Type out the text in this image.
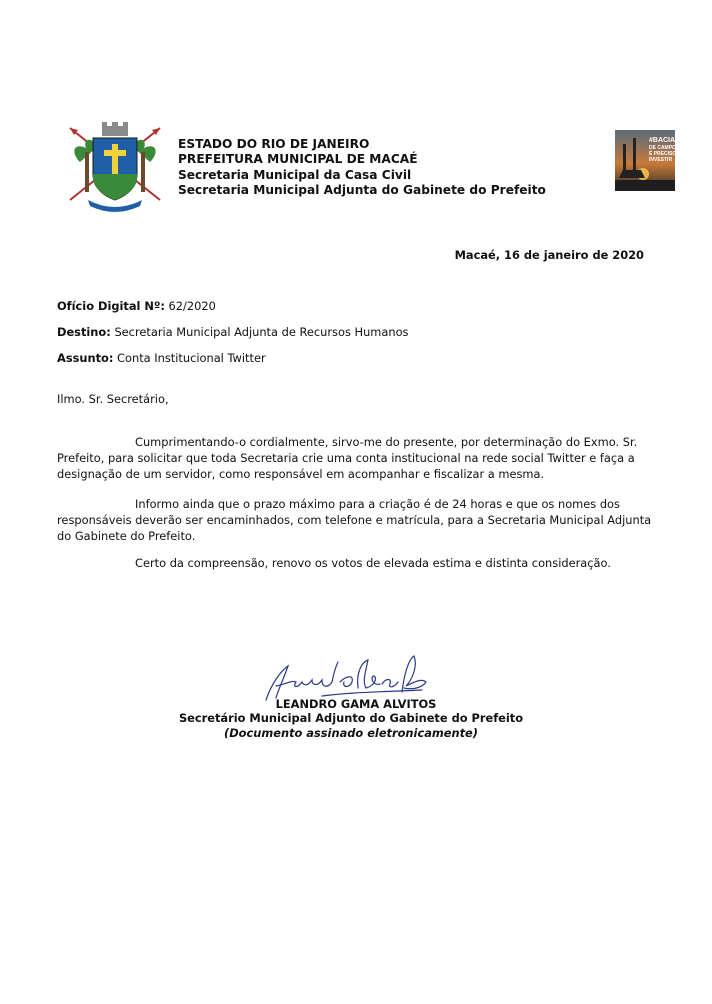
ESTADO DO RIO DE JANEIRO
PREFEITURA MUNICIPAL DE MACAÉ
Secretaria Municipal da Casa Civil
Secretaria Municipal Adjunta do Gabinete do Prefeito
#BACIA
DE CAMPOS
É PRECISO
INVESTIR
Macaé, 16 de janeiro de 2020
Ofício Digital Nº: 62/2020
Destino: Secretaria Municipal Adjunta de Recursos Humanos
Assunto: Conta Institucional Twitter
Ilmo. Sr. Secretário,
Cumprimentando-o cordialmente, sirvo-me do presente, por determinação do Exmo. Sr. Prefeito, para solicitar que toda Secretaria crie uma conta institucional na rede social Twitter e faça a designação de um servidor, como responsável em acompanhar e fiscalizar a mesma.
Informo ainda que o prazo máximo para a criação é de 24 horas e que os nomes dos responsáveis deverão ser encaminhados, com telefone e matrícula, para a Secretaria Municipal Adjunta do Gabinete do Prefeito.
Certo da compreensão, renovo os votos de elevada estima e distinta consideração.
LEANDRO GAMA ALVITOS
Secretário Municipal Adjunto do Gabinete do Prefeito
(Documento assinado eletronicamente)
